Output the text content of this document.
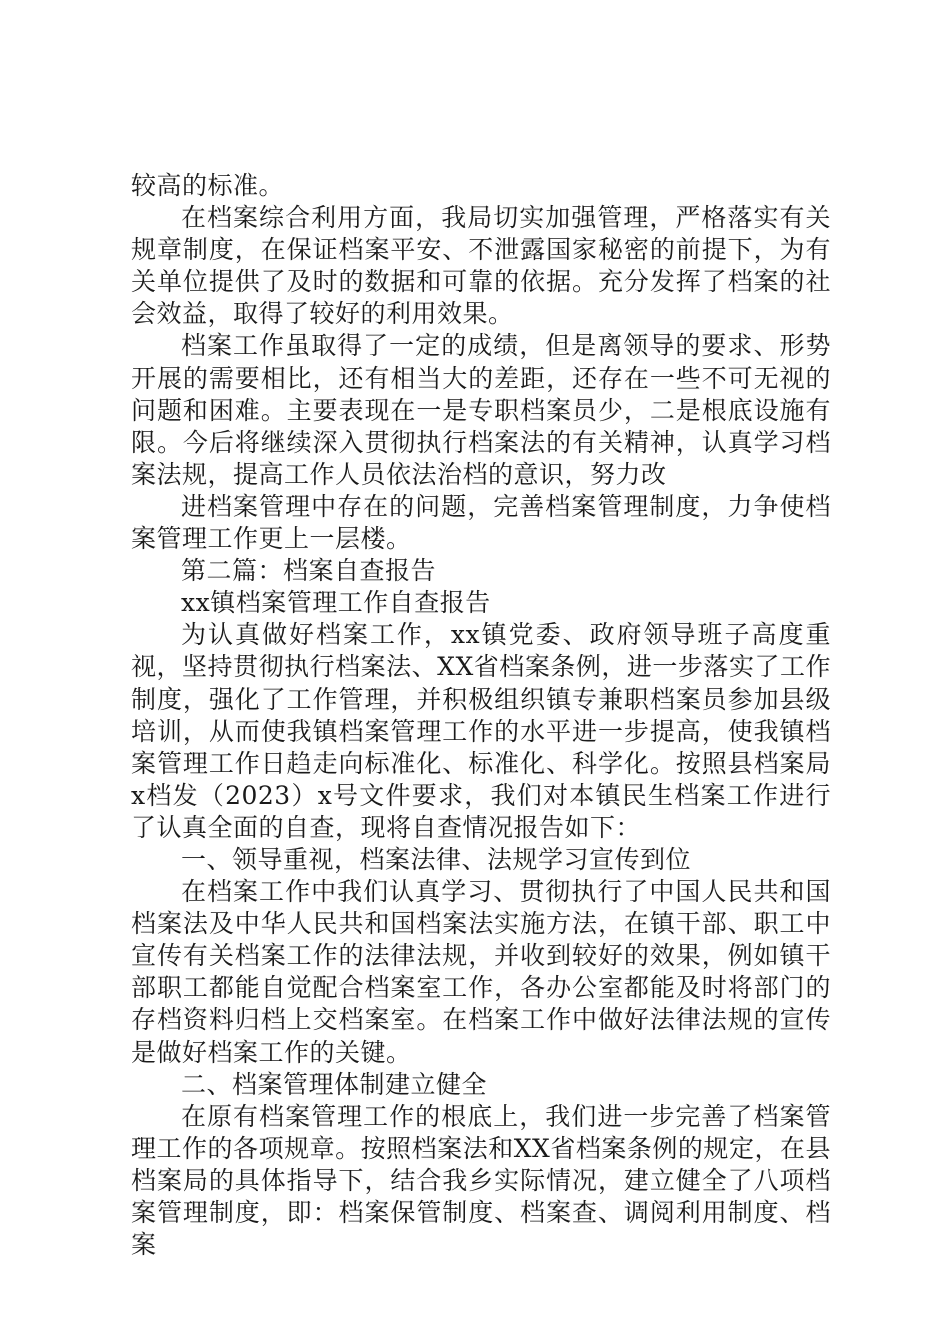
较高的标准。

在档案综合利用方面，我局切实加强管理，严格落实有关规章制度，在保证档案平安、不泄露国家秘密的前提下，为有关单位提供了及时的数据和可靠的依据。充分发挥了档案的社会效益，取得了较好的利用效果。

档案工作虽取得了一定的成绩，但是离领导的要求、形势开展的需要相比，还有相当大的差距，还存在一些不可无视的问题和困难。主要表现在一是专职档案员少，二是根底设施有限。今后将继续深入贯彻执行档案法的有关精神，认真学习档案法规，提高工作人员依法治档的意识，努力改

进档案管理中存在的问题，完善档案管理制度，力争使档案管理工作更上一层楼。

第二篇：档案自查报告

xx镇档案管理工作自查报告

为认真做好档案工作，xx镇党委、政府领导班子高度重视，坚持贯彻执行档案法、XX省档案条例，进一步落实了工作制度，强化了工作管理，并积极组织镇专兼职档案员参加县级培训，从而使我镇档案管理工作的水平进一步提高，使我镇档案管理工作日趋走向标准化、标准化、科学化。按照县档案局x档发（2023）x号文件要求，我们对本镇民生档案工作进行了认真全面的自查，现将自查情况报告如下：

一、领导重视，档案法律、法规学习宣传到位

在档案工作中我们认真学习、贯彻执行了中国人民共和国档案法及中华人民共和国档案法实施方法，在镇干部、职工中宣传有关档案工作的法律法规，并收到较好的效果，例如镇干部职工都能自觉配合档案室工作，各办公室都能及时将部门的存档资料归档上交档案室。在档案工作中做好法律法规的宣传是做好档案工作的关键。

二、档案管理体制建立健全

在原有档案管理工作的根底上，我们进一步完善了档案管理工作的各项规章。按照档案法和XX省档案条例的规定，在县档案局的具体指导下，结合我乡实际情况，建立健全了八项档案管理制度，即：档案保管制度、档案查、调阅利用制度、档案
